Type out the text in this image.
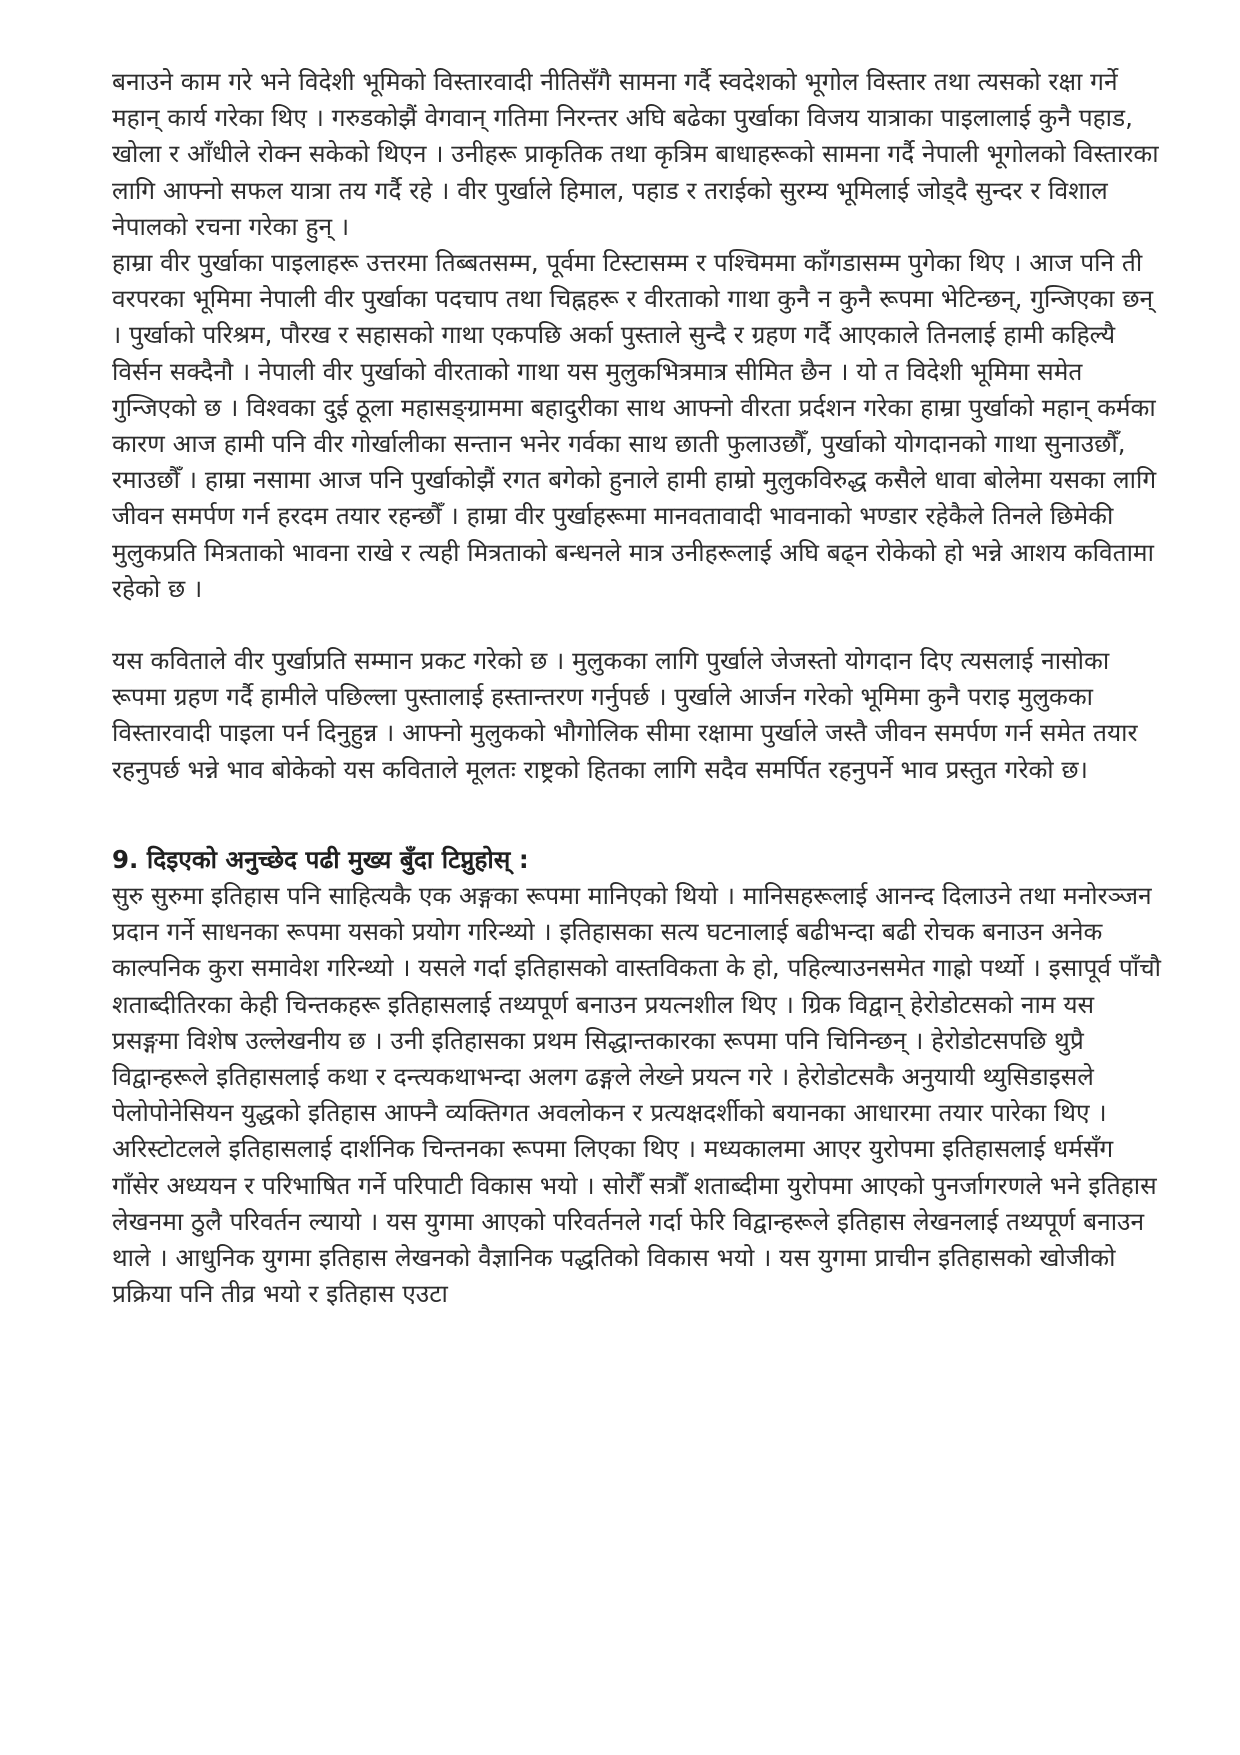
बनाउने काम गरे भने विदेशी भूमिको विस्तारवादी नीतिसँगै सामना गर्दै स्वदेशको भूगोल विस्तार तथा त्यसको रक्षा गर्ने महान् कार्य गरेका थिए । गरुडकोझैं वेगवान् गतिमा निरन्तर अघि बढेका पुर्खाका विजय यात्राका पाइलालाई कुनै पहाड, खोला र आँधीले रोक्न सकेको थिएन । उनीहरू प्राकृतिक तथा कृत्रिम बाधाहरूको सामना गर्दै नेपाली भूगोलको विस्तारका लागि आफ्नो सफल यात्रा तय गर्दै रहे । वीर पुर्खाले हिमाल, पहाड र तराईको सुरम्य भूमिलाई जोड्दै सुन्दर र विशाल नेपालको रचना गरेका हुन् ।

हाम्रा वीर पुर्खाका पाइलाहरू उत्तरमा तिब्बतसम्म, पूर्वमा टिस्टासम्म र पश्चिममा काँगडासम्म पुगेका थिए । आज पनि ती वरपरका भूमिमा नेपाली वीर पुर्खाका पदचाप तथा चिह्नहरू र वीरताको गाथा कुनै न कुनै रूपमा भेटिन्छन्, गुन्जिएका छन् । पुर्खाको परिश्रम, पौरख र सहासको गाथा एकपछि अर्का पुस्ताले सुन्दै र ग्रहण गर्दै आएकाले तिनलाई हामी कहिल्यै विर्सन सक्दैनौ । नेपाली वीर पुर्खाको वीरताको गाथा यस मुलुकभित्रमात्र सीमित छैन । यो त विदेशी भूमिमा समेत गुन्जिएको छ । विश्वका दुई ठूला महासङ्ग्राममा बहादुरीका साथ आफ्नो वीरता प्रर्दशन गरेका हाम्रा पुर्खाको महान् कर्मका कारण आज हामी पनि वीर गोर्खालीका सन्तान भनेर गर्वका साथ छाती फुलाउछौँ, पुर्खाको योगदानको गाथा सुनाउछौँ, रमाउछौँ । हाम्रा नसामा आज पनि पुर्खाकोझैं रगत बगेको हुनाले हामी हाम्रो मुलुकविरुद्ध कसैले धावा बोलेमा यसका लागि जीवन समर्पण गर्न हरदम तयार रहन्छौँ । हाम्रा वीर पुर्खाहरूमा मानवतावादी भावनाको भण्डार रहेकैले तिनले छिमेकी मुलुकप्रति मित्रताको भावना राखे र त्यही मित्रताको बन्धनले मात्र उनीहरूलाई अघि बढ्न रोकेको हो भन्ने आशय कवितामा रहेको छ ।

यस कविताले वीर पुर्खाप्रति सम्मान प्रकट गरेको छ । मुलुकका लागि पुर्खाले जेजस्तो योगदान दिए त्यसलाई नासोका रूपमा ग्रहण गर्दै हामीले पछिल्ला पुस्तालाई हस्तान्तरण गर्नुपर्छ । पुर्खाले आर्जन गरेको भूमिमा कुनै पराइ मुलुकका विस्तारवादी पाइला पर्न दिनुहुन्न । आफ्नो मुलुकको भौगोलिक सीमा रक्षामा पुर्खाले जस्तै जीवन समर्पण गर्न समेत तयार रहनुपर्छ भन्ने भाव बोकेको यस कविताले मूलतः राष्ट्रको हितका लागि सदैव समर्पित रहनुपर्ने भाव प्रस्तुत गरेको छ।

9. दिइएको अनुच्छेद पढी मुख्य बुँदा टिप्नुहोस् :

सुरु सुरुमा इतिहास पनि साहित्यकै एक अङ्गका रूपमा मानिएको थियो । मानिसहरूलाई आनन्द दिलाउने तथा मनोरञ्जन प्रदान गर्ने साधनका रूपमा यसको प्रयोग गरिन्थ्यो । इतिहासका सत्य घटनालाई बढीभन्दा बढी रोचक बनाउन अनेक काल्पनिक कुरा समावेश गरिन्थ्यो । यसले गर्दा इतिहासको वास्तविकता के हो, पहिल्याउनसमेत गाह्रो पर्थ्यो । इसापूर्व पाँचौ शताब्दीतिरका केही चिन्तकहरू इतिहासलाई तथ्यपूर्ण बनाउन प्रयत्नशील थिए । ग्रिक विद्वान् हेरोडोटसको नाम यस प्रसङ्गमा विशेष उल्लेखनीय छ । उनी इतिहासका प्रथम सिद्धान्तकारका रूपमा पनि चिनिन्छन् । हेरोडोटसपछि थुप्रै विद्वान्हरूले इतिहासलाई कथा र दन्त्यकथाभन्दा अलग ढङ्गले लेख्ने प्रयत्न गरे । हेरोडोटसकै अनुयायी थ्युसिडाइसले पेलोपोनेसियन युद्धको इतिहास आफ्नै व्यक्तिगत अवलोकन र प्रत्यक्षदर्शीको बयानका आधारमा तयार पारेका थिए । अरिस्टोटलले इतिहासलाई दार्शनिक चिन्तनका रूपमा लिएका थिए । मध्यकालमा आएर युरोपमा इतिहासलाई धर्मसँग गाँसेर अध्ययन र परिभाषित गर्ने परिपाटी विकास भयो । सोरौँ सत्रौँ शताब्दीमा युरोपमा आएको पुनर्जागरणले भने इतिहास लेखनमा ठुलै परिवर्तन ल्यायो । यस युगमा आएको परिवर्तनले गर्दा फेरि विद्वान्हरूले इतिहास लेखनलाई तथ्यपूर्ण बनाउन थाले । आधुनिक युगमा इतिहास लेखनको वैज्ञानिक पद्धतिको विकास भयो । यस युगमा प्राचीन इतिहासको खोजीको प्रक्रिया पनि तीव्र भयो र इतिहास एउटा
